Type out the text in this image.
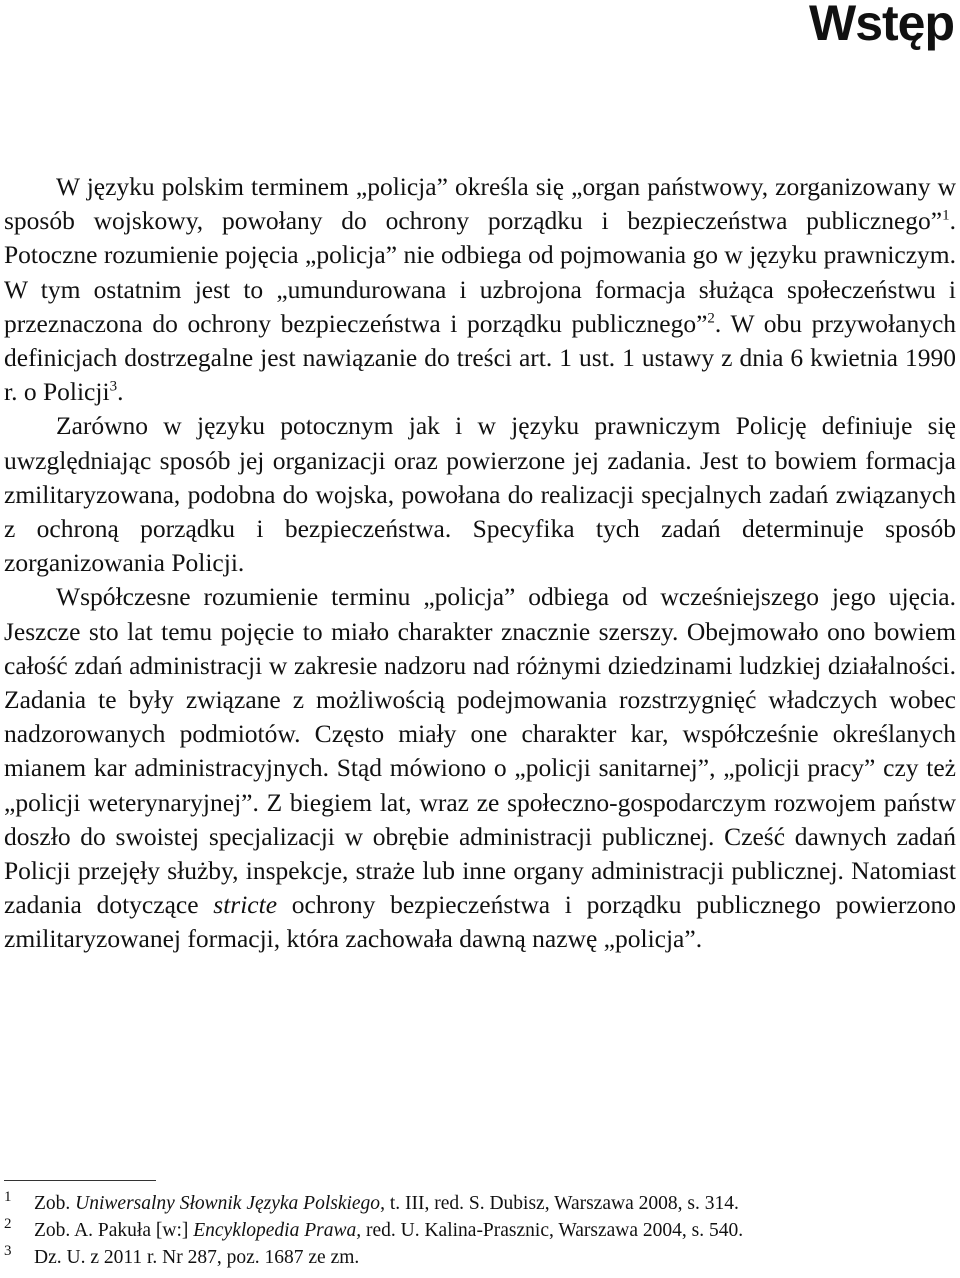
Wstęp

W języku polskim terminem „policja” określa się „organ państwowy, zorganizowany w sposób wojskowy, powołany do ochrony porządku i bezpieczeństwa publicznego”$^1$. Potoczne rozumienie pojęcia „policja” nie odbiega od pojmowania go w języku prawniczym. W tym ostatnim jest to „umundurowana i uzbrojona formacja służąca społeczeństwu i przeznaczona do ochrony bezpieczeństwa i porządku publicznego”$^2$. W obu przywołanych definicjach dostrzegalne jest nawiązanie do treści art. 1 ust. 1 ustawy z dnia 6 kwietnia 1990 r. o Policji$^3$.

Zarówno w języku potocznym jak i w języku prawniczym Policję definiuje się uwzględniając sposób jej organizacji oraz powierzone jej zadania. Jest to bowiem formacja zmilitaryzowana, podobna do wojska, powołana do realizacji specjalnych zadań związanych z ochroną porządku i bezpieczeństwa. Specyfika tych zadań determinuje sposób zorganizowania Policji.

Współczesne rozumienie terminu „policja” odbiega od wcześniejszego jego ujęcia. Jeszcze sto lat temu pojęcie to miało charakter znacznie szerszy. Obejmowało ono bowiem całość zdań administracji w zakresie nadzoru nad różnymi dziedzinami ludzkiej działalności. Zadania te były związane z możliwością podejmowania rozstrzygnięć władczych wobec nadzorowanych podmiotów. Często miały one charakter kar, współcześnie określanych mianem kar administracyjnych. Stąd mówiono o „policji sanitarnej”, „policji pracy” czy też „policji weterynaryjnej”. Z biegiem lat, wraz ze społeczno-gospodarczym rozwojem państw doszło do swoistej specjalizacji w obrębie administracji publicznej. Cześć dawnych zadań Policji przejęły służby, inspekcje, straże lub inne organy administracji publicznej. Natomiast zadania dotyczące stricte ochrony bezpieczeństwa i porządku publicznego powierzono zmilitaryzowanej formacji, która zachowała dawną nazwę „policja”.

1 Zob. Uniwersalny Słownik Języka Polskiego, t. III, red. S. Dubisz, Warszawa 2008, s. 314.
2 Zob. A. Pakuła [w:] Encyklopedia Prawa, red. U. Kalina-Prasznic, Warszawa 2004, s. 540.
3 Dz. U. z 2011 r. Nr 287, poz. 1687 ze zm.
